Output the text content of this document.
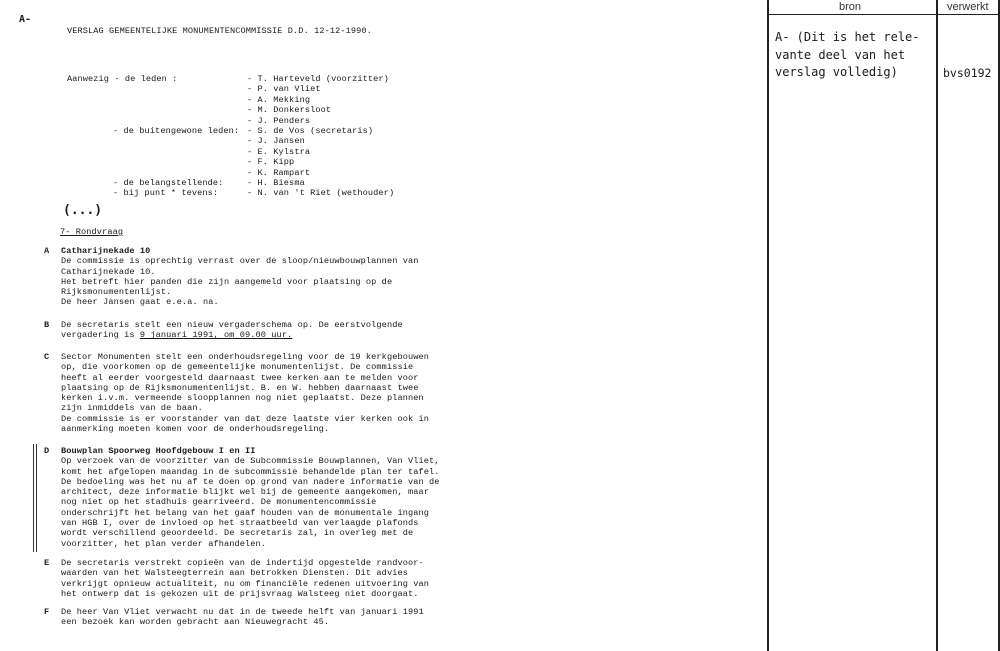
A-
VERSLAG GEMEENTELIJKE MONUMENTENCOMMISSIE D.D. 12-12-1990.
Aanwezig - de leden :	- T. Harteveld (voorzitter)
- P. van Vliet
- A. Mekking
- M. Donkersloot
- J. Penders
- de buitengewone leden: - S. de Vos (secretaris)
- J. Jansen
- E. Kylstra
- F. Kipp
- K. Rampart
- de belangstellende:	- H. Biesma
- bij punt * tevens:	- N. van 't Riet (wethouder)
(...)
7- Rondvraag
A Catharijnekade 10
De commissie is oprechtig verrast over de sloop/nieuwbouwplannen van
Catharijnekade 10.
Het betreft hier panden die zijn aangemeld voor plaatsing op de
Rijksmonumentenlijst.
De heer Jansen gaat e.e.a. na.
B De secretaris stelt een nieuw vergaderschema op. De eerstvolgende
vergadering is 9 januari 1991, om 09.00 uur.
C Sector Monumenten stelt een onderhoudsregeling voor de 19 kerkgebouwen
op, die voorkomen op de gemeentelijke monumentenlijst. De commissie
heeft al eerder voorgesteld daarnaast twee kerken aan te melden voor
plaatsing op de Rijksmonumentenlijst. B. en W. hebben daarnaast twee
kerken i.v.m. vermeende sloopplannen nog niet geplaatst. Deze plannen
zijn inmiddels van de baan.
De commissie is er voorstander van dat deze laatste vier kerken ook in
aanmerking moeten komen voor de onderhoudsregeling.
D Bouwplan Spoorweg Hoofdgebouw I en II
Op verzoek van de voorzitter van de Subcommissie Bouwplannen, Van Vliet,
komt het afgelopen maandag in de subcommissie behandelde plan ter tafel.
De bedoeling was het nu af te doen op grond van nadere informatie van de
architect, deze informatie blijkt wel bij de gemeente aangekomen, maar
nog niet op het stadhuis gearriveerd. De monumentencommissie
onderschrijft het belang van het gaaf houden van de monumentale ingang
van HGB I, over de invloed op het straatbeeld van verlaagde plafonds
wordt verschillend geoordeeld. De secretaris zal, in overleg met de
voorzitter, het plan verder afhandelen.
E De secretaris verstrekt copieën van de indertijd opgestelde randvoor-
waarden van het Walsteegterrein aan betrokken Diensten. Dit advies
verkrijgt opnieuw actualiteit, nu om financiële redenen uitvoering van
het ontwerp dat is gekozen uit de prijsvraag Walsteeg niet doorgaat.
F De heer Van Vliet verwacht nu dat in de tweede helft van januari 1991
een bezoek kan worden gebracht aan Nieuwegracht 45.
bron	verwerkt
A- (Dit is het rele-
vante deel van het
verslag volledig)	bvs0192
